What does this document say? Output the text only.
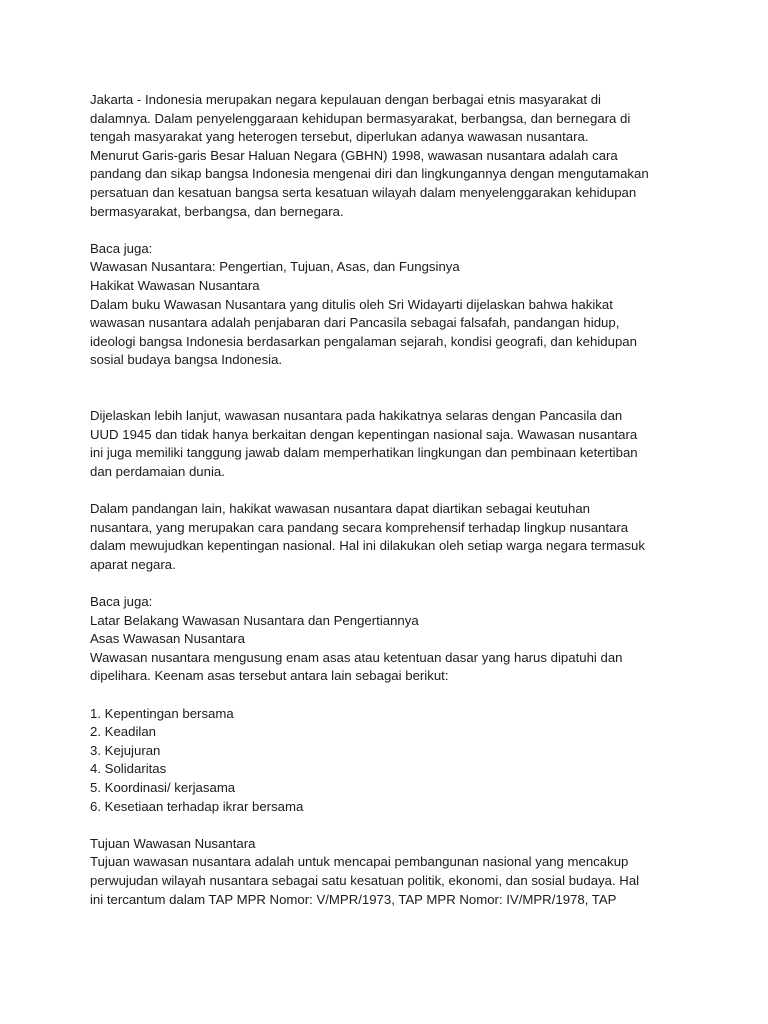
Jakarta - Indonesia merupakan negara kepulauan dengan berbagai etnis masyarakat di
dalamnya. Dalam penyelenggaraan kehidupan bermasyarakat, berbangsa, dan bernegara di
tengah masyarakat yang heterogen tersebut, diperlukan adanya wawasan nusantara.
Menurut Garis-garis Besar Haluan Negara (GBHN) 1998, wawasan nusantara adalah cara
pandang dan sikap bangsa Indonesia mengenai diri dan lingkungannya dengan mengutamakan
persatuan dan kesatuan bangsa serta kesatuan wilayah dalam menyelenggarakan kehidupan
bermasyarakat, berbangsa, dan bernegara.
Baca juga:
Wawasan Nusantara: Pengertian, Tujuan, Asas, dan Fungsinya
Hakikat Wawasan Nusantara
Dalam buku Wawasan Nusantara yang ditulis oleh Sri Widayarti dijelaskan bahwa hakikat
wawasan nusantara adalah penjabaran dari Pancasila sebagai falsafah, pandangan hidup,
ideologi bangsa Indonesia berdasarkan pengalaman sejarah, kondisi geografi, dan kehidupan
sosial budaya bangsa Indonesia.
Dijelaskan lebih lanjut, wawasan nusantara pada hakikatnya selaras dengan Pancasila dan
UUD 1945 dan tidak hanya berkaitan dengan kepentingan nasional saja. Wawasan nusantara
ini juga memiliki tanggung jawab dalam memperhatikan lingkungan dan pembinaan ketertiban
dan perdamaian dunia.
Dalam pandangan lain, hakikat wawasan nusantara dapat diartikan sebagai keutuhan
nusantara, yang merupakan cara pandang secara komprehensif terhadap lingkup nusantara
dalam mewujudkan kepentingan nasional. Hal ini dilakukan oleh setiap warga negara termasuk
aparat negara.
Baca juga:
Latar Belakang Wawasan Nusantara dan Pengertiannya
Asas Wawasan Nusantara
Wawasan nusantara mengusung enam asas atau ketentuan dasar yang harus dipatuhi dan
dipelihara. Keenam asas tersebut antara lain sebagai berikut:
1. Kepentingan bersama
2. Keadilan
3. Kejujuran
4. Solidaritas
5. Koordinasi/ kerjasama
6. Kesetiaan terhadap ikrar bersama
Tujuan Wawasan Nusantara
Tujuan wawasan nusantara adalah untuk mencapai pembangunan nasional yang mencakup
perwujudan wilayah nusantara sebagai satu kesatuan politik, ekonomi, dan sosial budaya. Hal
ini tercantum dalam TAP MPR Nomor: V/MPR/1973, TAP MPR Nomor: IV/MPR/1978, TAP
